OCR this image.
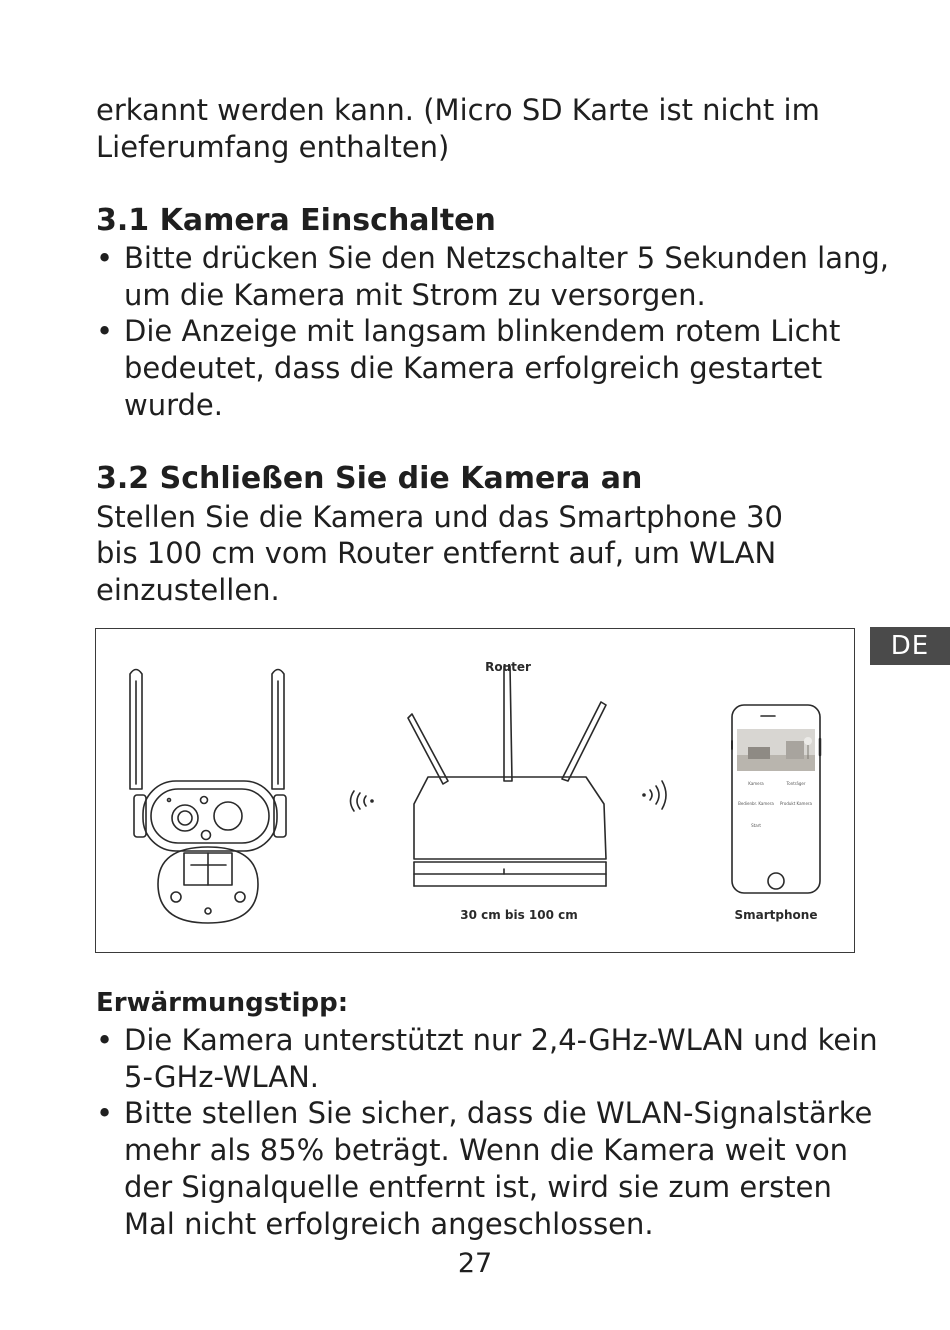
erkannt werden kann. (Micro SD Karte ist nicht im

Lieferumfang enthalten)

3.1 Kamera Einschalten
• Bitte drücken Sie den Netzschalter 5 Sekunden lang,
um die Kamera mit Strom zu versorgen.
• Die Anzeige mit langsam blinkendem rotem Licht
bedeutet, dass die Kamera erfolgreich gestartet
wurde.
3.2 Schließen Sie die Kamera an

Stellen Sie die Kamera und das Smartphone 30

bis 100 cm vom Router entfernt auf, um WLAN

einzustellen.

DE
Kamera	Tonträger
Bedienbr. Kamera Produkt Kamera
Start
Router
30 cm bis 100 cm	Smartphone
Erwärmungstipp:
• Die Kamera unterstützt nur 2,4-GHz-WLAN und kein
5-GHz-WLAN.
• Bitte stellen Sie sicher, dass die WLAN-Signalstärke
mehr als 85% beträgt. Wenn die Kamera weit von
der Signalquelle entfernt ist, wird sie zum ersten
Mal nicht erfolgreich angeschlossen.
27
